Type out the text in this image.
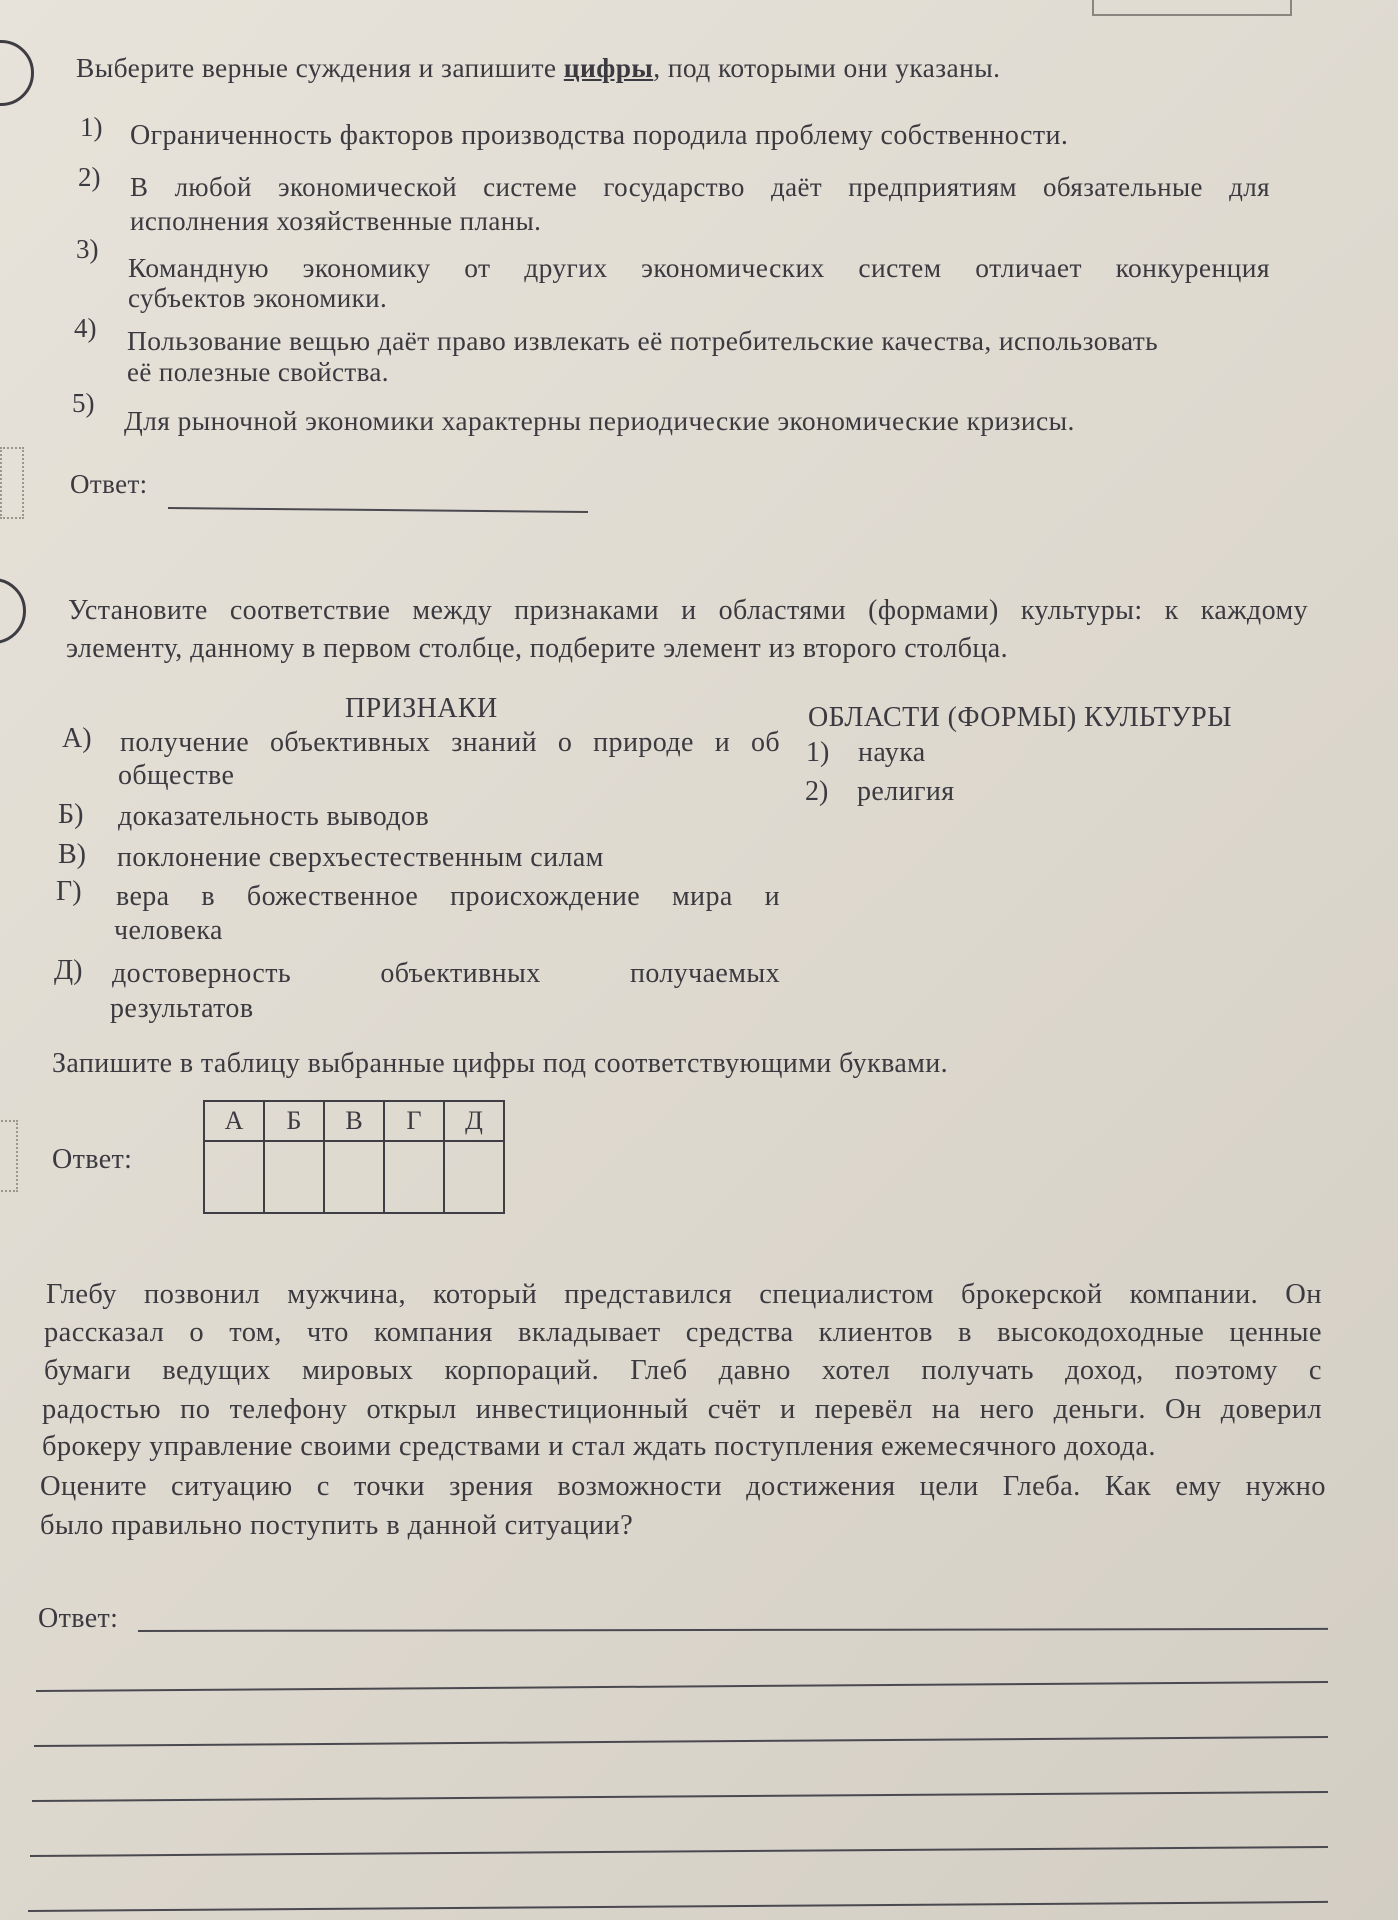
Выберите верные суждения и запишите цифры, под которыми они указаны.
1) Ограниченность факторов производства породила проблему собственности.
2) В любой экономической системе государство даёт предприятиям обязательные для
исполнения хозяйственные планы.
3)
Командную экономику от других экономических систем отличает конкуренция
субъектов экономики.
4) Пользование вещью даёт право извлекать её потребительские качества, использовать
её полезные свойства.
5)
Для рыночной экономики характерны периодические экономические кризисы.
Ответ:
Установите соответствие между признаками и областями (формами) культуры: к каждому
элементу, данному в первом столбце, подберите элемент из второго столбца.
ПРИЗНАКИ	ОБЛАСТИ (ФОРМЫ) КУЛЬТУРЫ
А) получение объективных знаний о природе и об
обществе
Б) доказательность выводов
В) поклонение сверхъестественным силам
Г) вера в божественное происхождение мира и
человека
Д) достоверность	объективных	получаемых
результатов
1) наука
2) религия
Запишите в таблицу выбранные цифры под соответствующими буквами.
Ответ:
А	Б	В	Г	Д

Глебу позвонил мужчина, который представился специалистом брокерской компании. Он
рассказал о том, что компания вкладывает средства клиентов в высокодоходные ценные
бумаги ведущих мировых корпораций. Глеб давно хотел получать доход, поэтому с
радостью по телефону открыл инвестиционный счёт и перевёл на него деньги. Он доверил
брокеру управление своими средствами и стал ждать поступления ежемесячного дохода.
Оцените ситуацию с точки зрения возможности достижения цели Глеба. Как ему нужно
было правильно поступить в данной ситуации?
Ответ:
